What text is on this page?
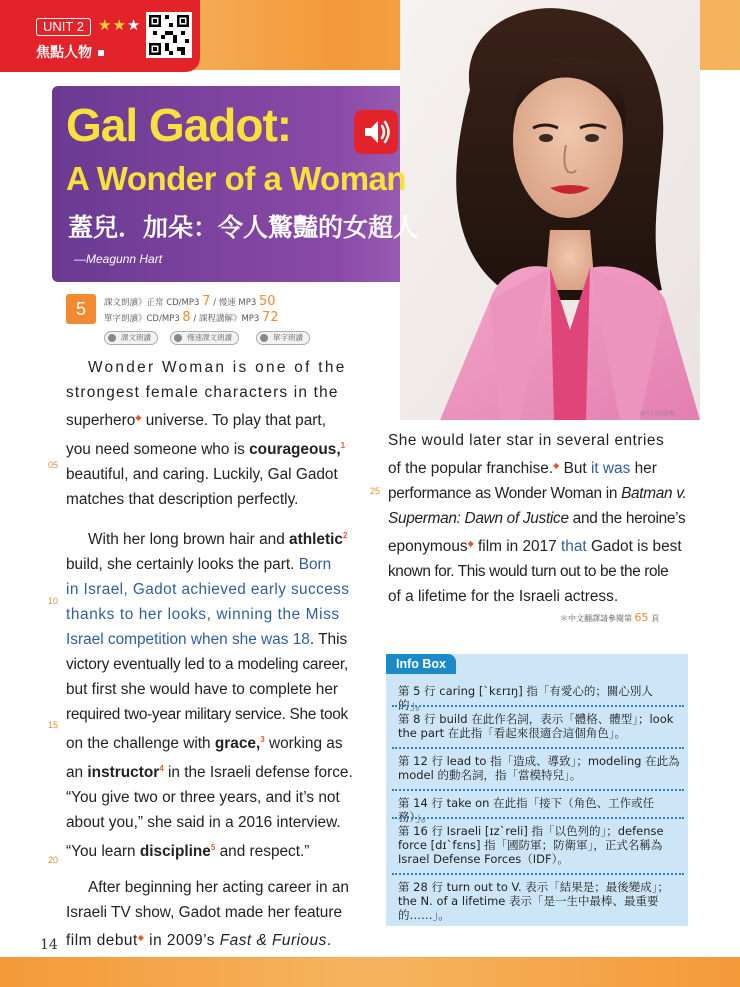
UNIT 2 ★★★
焦點人物
圖片 / 達志影像
Gal Gadot:
A Wonder of a Woman
蓋兒．加朵：令人驚豔的女超人
—Meagunn Hart
5	課文朗讀》正常 CD/MP3 7 / 慢速 MP3 50
單字朗讀》CD/MP3 8 / 課程講解》MP3 72
課文朗讀	慢速課文朗讀	單字朗讀
05
10
15
20
25
Wonder Woman is one of the
strongest female characters in the
superhero◆ universe. To play that part,
you need someone who is courageous,$^1$
beautiful, and caring. Luckily, Gal Gadot
matches that description perfectly.
With her long brown hair and athletic$^2$
build, she certainly looks the part. Born
in Israel, Gadot achieved early success
thanks to her looks, winning the Miss
Israel competition when she was 18. This
victory eventually led to a modeling career,
but first she would have to complete her
required two-year military service. She took
on the challenge with grace,$^3$ working as
an instructor$^4$ in the Israeli defense force.
“You give two or three years, and it’s not
about you,” she said in a 2016 interview.
“You learn discipline$^5$ and respect.”
After beginning her acting career in an
Israeli TV show, Gadot made her feature
film debut◆ in 2009’s Fast & Furious.
She would later star in several entries
of the popular franchise.◆ But it was her
performance as Wonder Woman in Batman v.
Superman: Dawn of Justice and the heroine’s
eponymous◆ film in 2017 that Gadot is best
known for. This would turn out to be the role
of a lifetime for the Israeli actress.
＊中文翻譯請參閱第 65 頁
Info Box
第 5 行 caring [ˋkɛrɪŋ] 指「有愛心的；關心別人的」。
第 8 行 build 在此作名詞，表示「體格、體型」；look the part 在此指「看起來很適合這個角色」。
第 12 行 lead to 指「造成、導致」；modeling 在此為 model 的動名詞，指「當模特兒」。
第 14 行 take on 在此指「接下（角色、工作或任務）」。
第 16 行 Israeli [ɪzˋreli] 指「以色列的」；defense force [dɪˋfɛns] 指「國防軍；防衛軍」，正式名稱為 Israel Defense Forces（IDF）。
第 28 行 turn out to V. 表示「結果是；最後變成」；the N. of a lifetime 表示「是一生中最棒、最重要的……」。
14
